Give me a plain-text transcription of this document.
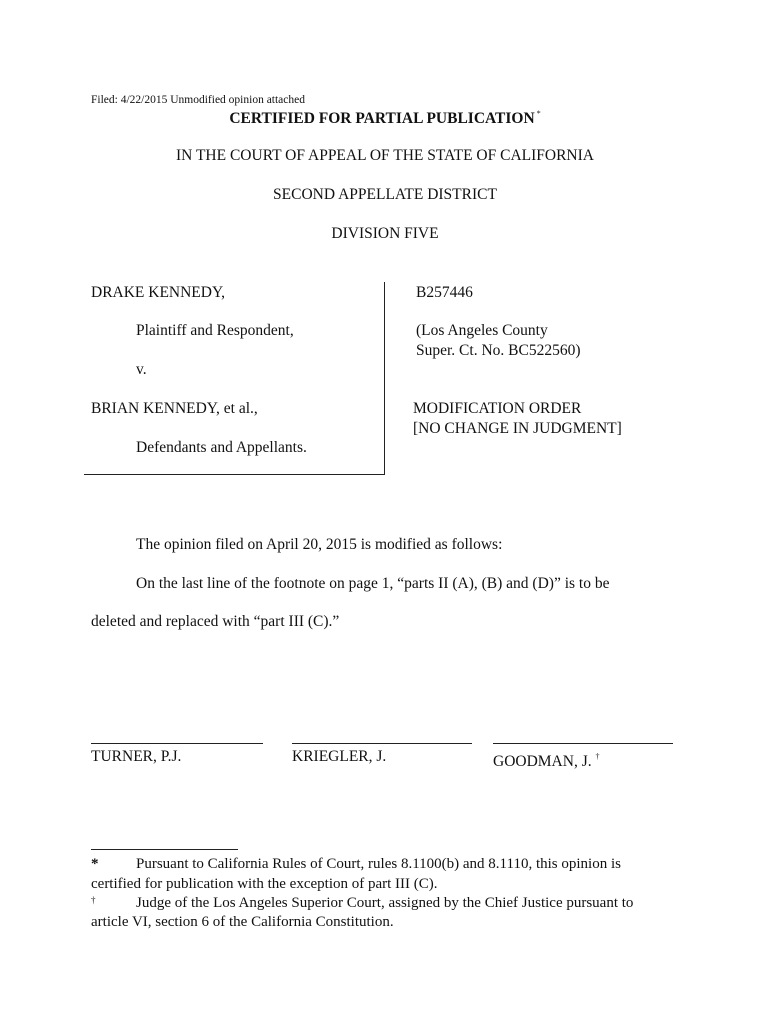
Filed: 4/22/2015 Unmodified opinion attached
CERTIFIED FOR PARTIAL PUBLICATION *
IN THE COURT OF APPEAL OF THE STATE OF CALIFORNIA
SECOND APPELLATE DISTRICT
DIVISION FIVE
DRAKE KENNEDY,
Plaintiff and Respondent,
v.
BRIAN KENNEDY, et al.,
Defendants and Appellants.
B257446
(Los Angeles County
Super. Ct. No. BC522560)
MODIFICATION ORDER
[NO CHANGE IN JUDGMENT]
The opinion filed on April 20, 2015 is modified as follows:
On the last line of the footnote on page 1, “parts II (A), (B) and (D)” is to be
deleted and replaced with “part III (C).”
TURNER, P.J.	KRIEGLER, J.	GOODMAN, J. †
*	Pursuant to California Rules of Court, rules 8.1100(b) and 8.1110, this opinion is
certified for publication with the exception of part III (C).
†	Judge of the Los Angeles Superior Court, assigned by the Chief Justice pursuant to
article VI, section 6 of the California Constitution.
